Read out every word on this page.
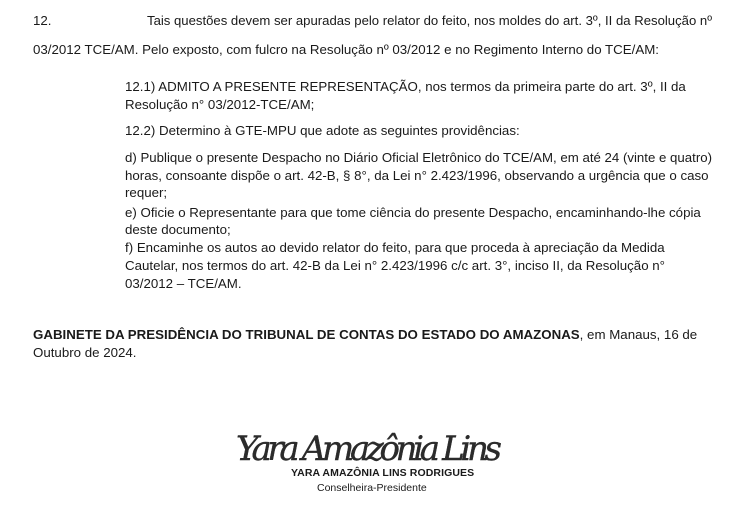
12.	Tais questões devem ser apuradas pelo relator do feito, nos moldes do art. 3º, II da Resolução nº
03/2012 TCE/AM. Pelo exposto, com fulcro na Resolução nº 03/2012 e no Regimento Interno do TCE/AM:
12.1) ADMITO A PRESENTE REPRESENTAÇÃO, nos termos da primeira parte do art. 3º, II da
Resolução n° 03/2012-TCE/AM;
12.2) Determino à GTE-MPU que adote as seguintes providências:
d) Publique o presente Despacho no Diário Oficial Eletrônico do TCE/AM, em até 24 (vinte e quatro)
horas, consoante dispõe o art. 42-B, § 8°, da Lei n° 2.423/1996, observando a urgência que o caso
requer;
e) Oficie o Representante para que tome ciência do presente Despacho, encaminhando-lhe cópia
deste documento;
f) Encaminhe os autos ao devido relator do feito, para que proceda à apreciação da Medida
Cautelar, nos termos do art. 42-B da Lei n° 2.423/1996 c/c art. 3°, inciso II, da Resolução n°
03/2012 – TCE/AM.
GABINETE DA PRESIDÊNCIA DO TRIBUNAL DE CONTAS DO ESTADO DO AMAZONAS, em Manaus, 16 de
Outubro de 2024.
Yara Amazônia Lins
YARA AMAZÔNIA LINS RODRIGUES
Conselheira-Presidente
